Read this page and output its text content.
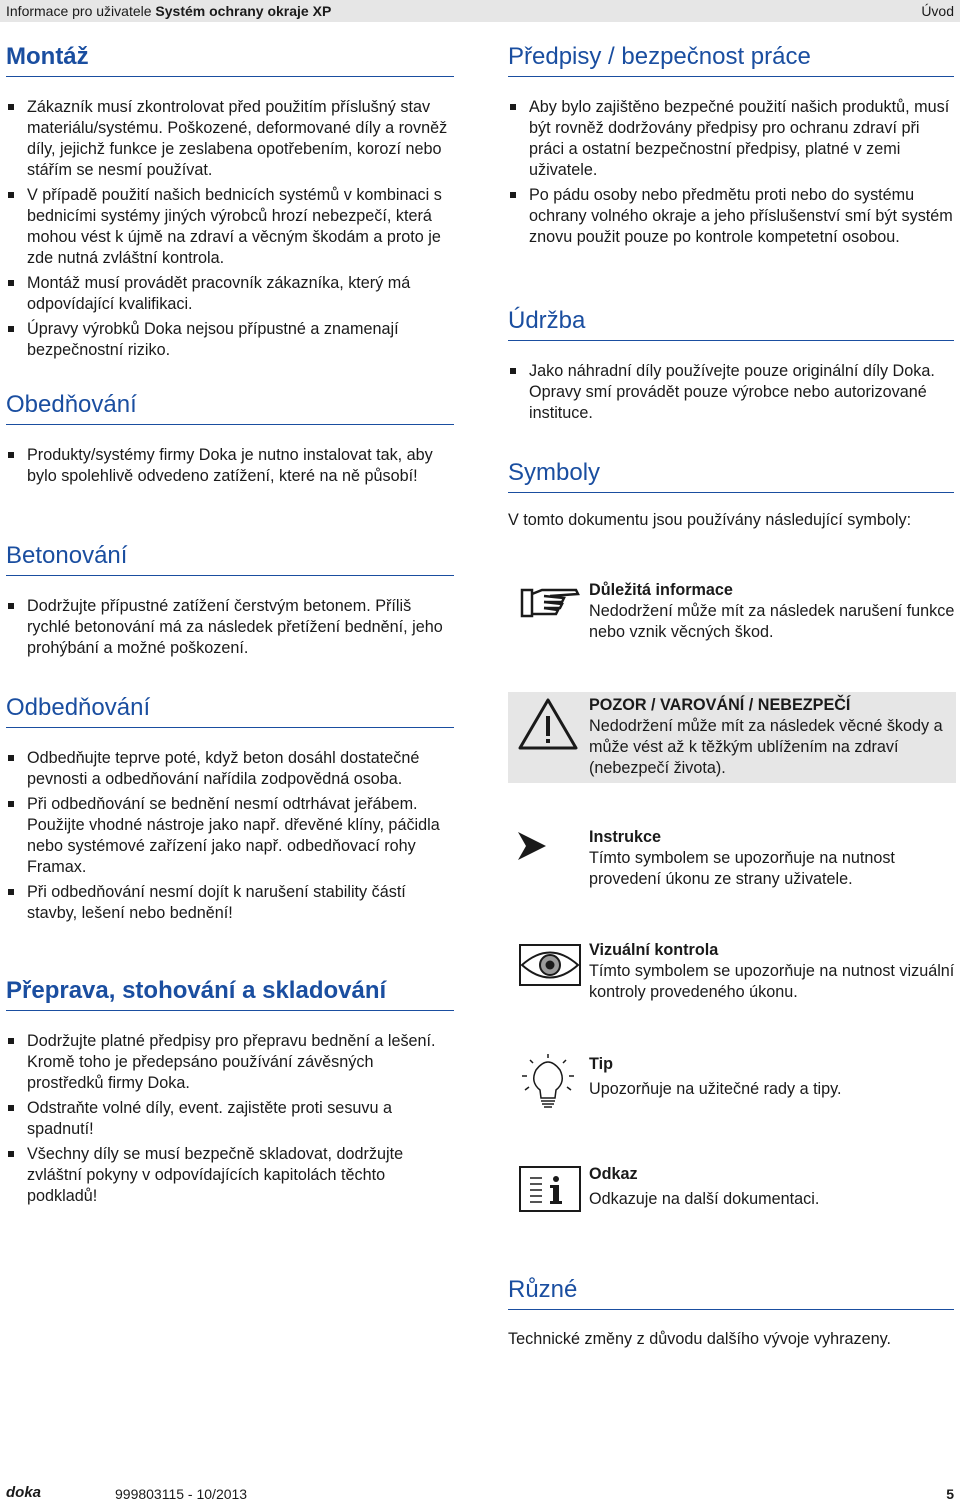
Informace pro uživatele Systém ochrany okraje XP	Úvod
Montáž
Zákazník musí zkontrolovat před použitím příslušný stav materiálu/systému. Poškozené, deformované díly a rovněž díly, jejichž funkce je zeslabena opotřebením, korozí nebo stářím se nesmí používat.
V případě použití našich bednicích systémů v kombinaci s bednicími systémy jiných výrobců hrozí nebezpečí, která mohou vést k újmě na zdraví a věcným škodám a proto je zde nutná zvláštní kontrola.
Montáž musí provádět pracovník zákazníka, který má odpovídající kvalifikaci.
Úpravy výrobků Doka nejsou přípustné a znamenají bezpečnostní riziko.
Obedňování
Produkty/systémy firmy Doka je nutno instalovat tak, aby bylo spolehlivě odvedeno zatížení, které na ně působí!
Betonování
Dodržujte přípustné zatížení čerstvým betonem. Příliš rychlé betonování má za následek přetížení bednění, jeho prohýbání a možné poškození.
Odbedňování
Odbedňujte teprve poté, když beton dosáhl dostatečné pevnosti a odbedňování nařídila zodpovědná osoba.
Při odbedňování se bednění nesmí odtrhávat jeřábem. Použijte vhodné nástroje jako např. dřevěné klíny, páčidla nebo systémové zařízení jako např. odbedňovací rohy Framax.
Při odbedňování nesmí dojít k narušení stability částí stavby, lešení nebo bednění!
Přeprava, stohování a skladování
Dodržujte platné předpisy pro přepravu bednění a lešení. Kromě toho je předepsáno používání závěsných prostředků firmy Doka.
Odstraňte volné díly, event. zajistěte proti sesuvu a spadnutí!
Všechny díly se musí bezpečně skladovat, dodržujte zvláštní pokyny v odpovídajících kapitolách těchto podkladů!
Předpisy / bezpečnost práce
Aby bylo zajištěno bezpečné použití našich produktů, musí být rovněž dodržovány předpisy pro ochranu zdraví při práci a ostatní bezpečnostní předpisy, platné v zemi uživatele.
Po pádu osoby nebo předmětu proti nebo do systému ochrany volného okraje a jeho příslušenství smí být systém znovu použit pouze po kontrole kompetetní osobou.
Údržba
Jako náhradní díly používejte pouze originální díly Doka. Opravy smí provádět pouze výrobce nebo autorizované instituce.
Symboly

V tomto dokumentu jsou používány následující symboly:

Důležitá informace
Nedodržení může mít za následek narušení funkce nebo vznik věcných škod.
POZOR / VAROVÁNÍ / NEBEZPEČÍ
Nedodržení může mít za následek věcné škody a může vést až k těžkým ublížením na zdraví (nebezpečí života).
Instrukce
Tímto symbolem se upozorňuje na nutnost provedení úkonu ze strany uživatele.
Vizuální kontrola
Tímto symbolem se upozorňuje na nutnost vizuální kontroly provedeného úkonu.
Tip
Upozorňuje na užitečné rady a tipy.
Odkaz
Odkazuje na další dokumentaci.
Různé

Technické změny z důvodu dalšího vývoje vyhrazeny.

doka	999803115 - 10/2013	5
